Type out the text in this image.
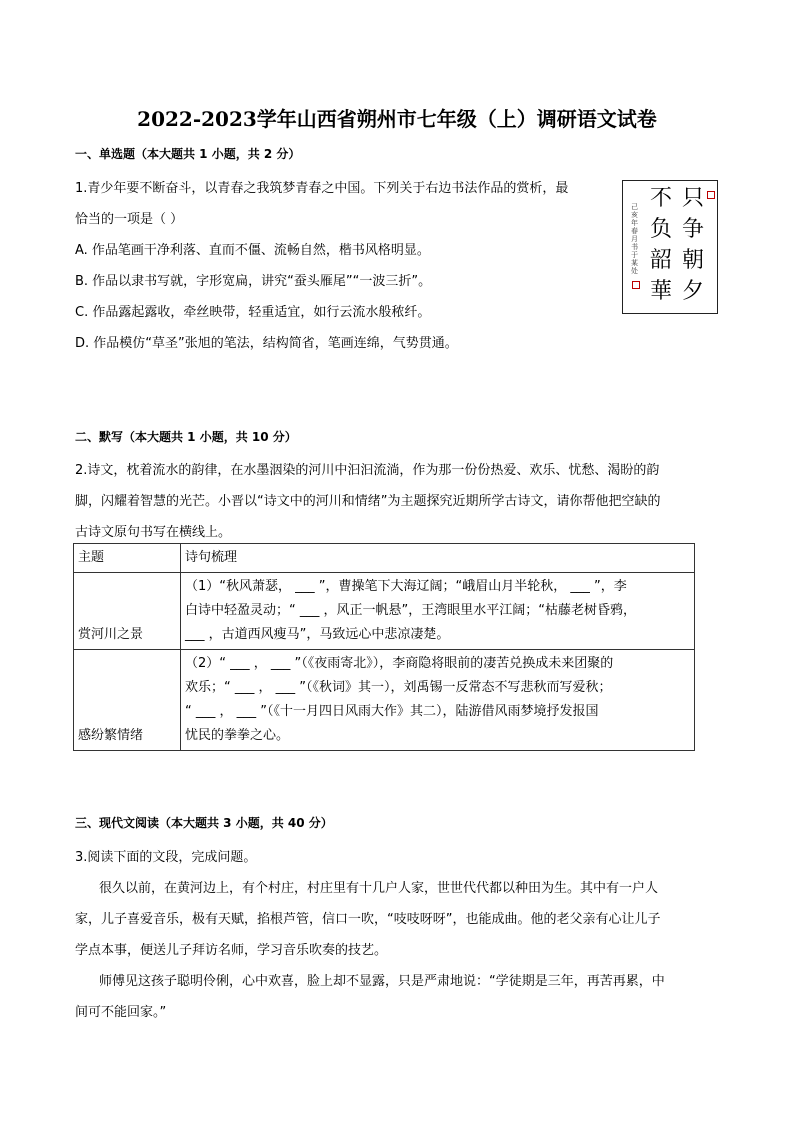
2022-2023学年山西省朔州市七年级（上）调研语文试卷
一、单选题（本大题共 1 小题，共 2 分）
1.青少年要不断奋斗，以青春之我筑梦青春之中国。下列关于右边书法作品的赏析，最
恰当的一项是（ ）
A. 作品笔画干净利落、直而不僵、流畅自然，楷书风格明显。
B. 作品以隶书写就，字形宽扁，讲究“蚕头雁尾”“一波三折”。
C. 作品露起露收，牵丝映带，轻重适宜，如行云流水般秾纤。
D. 作品模仿“草圣”张旭的笔法，结构简省，笔画连绵，气势贯通。
只
争
朝
夕
不
负
韶
華
己亥年春月书于某处
二、默写（本大题共 1 小题，共 10 分）
2.诗文，枕着流水的韵律，在水墨洇染的河川中汩汩流淌，作为那一份份热爱、欢乐、忧愁、渴盼的韵
脚，闪耀着智慧的光芒。小晋以“诗文中的河川和情绪”为主题探究近期所学古诗文，请你帮他把空缺的
古诗文原句书写在横线上。
主题	诗句梳理
赏河川之景	（1）“秋风萧瑟， ___ ”，曹操笔下大海辽阔；“峨眉山月半轮秋， ___ ”，李
白诗中轻盈灵动；“ ___ ，风正一帆悬”，王湾眼里水平江阔；“枯藤老树昏鸦，
___ ，古道西风瘦马”，马致远心中悲凉凄楚。

感纷繁情绪	（2）“ ___ ， ___ ”（《夜雨寄北》），李商隐将眼前的凄苦兑换成未来团聚的
欢乐；“ ___ ， ___ ”（《秋词》其一），刘禹锡一反常态不写悲秋而写爱秋；
“ ___ ， ___ ”（《十一月四日风雨大作》其二），陆游借风雨梦境抒发报国
忧民的拳拳之心。
三、现代文阅读（本大题共 3 小题，共 40 分）
3.阅读下面的文段，完成问题。
很久以前，在黄河边上，有个村庄，村庄里有十几户人家，世世代代都以种田为生。其中有一户人
家，儿子喜爱音乐，极有天赋，掐根芦管，信口一吹，“吱吱呀呀”，也能成曲。他的老父亲有心让儿子
学点本事，便送儿子拜访名师，学习音乐吹奏的技艺。
师傅见这孩子聪明伶俐，心中欢喜，脸上却不显露，只是严肃地说：“学徒期是三年，再苦再累，中
间可不能回家。”
